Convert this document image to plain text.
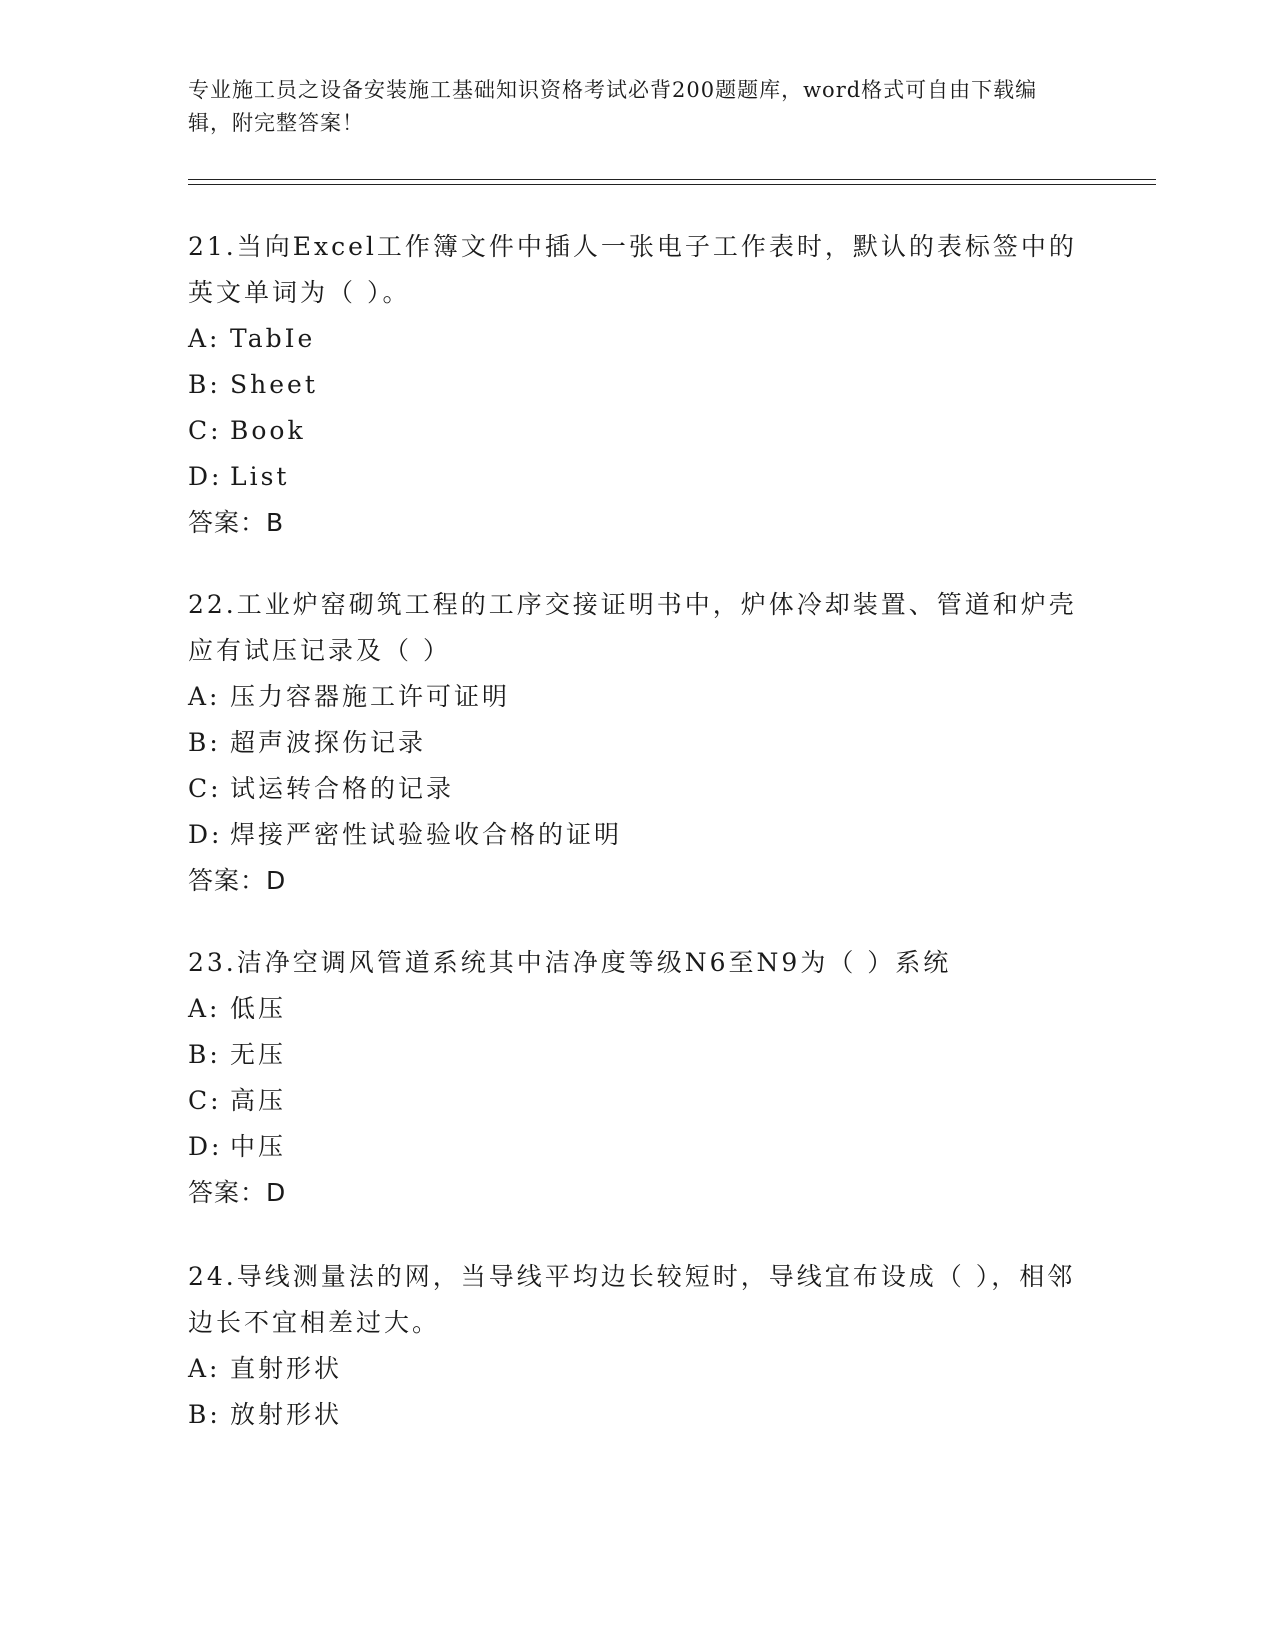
专业施工员之设备安装施工基础知识资格考试必背200题题库，word格式可自由下载编辑，附完整答案！

21.当向Excel工作簿文件中插人一张电子工作表时，默认的表标签中的英文单词为（ ）。

A: TabIe

B: Sheet

C: Book

D: List

答案：B

22.工业炉窑砌筑工程的工序交接证明书中，炉体冷却装置、管道和炉壳应有试压记录及（ ）

A: 压力容器施工许可证明

B: 超声波探伤记录

C: 试运转合格的记录

D: 焊接严密性试验验收合格的证明

答案：D

23.洁净空调风管道系统其中洁净度等级N6至N9为（ ）系统

A: 低压

B: 无压

C: 高压

D: 中压

答案：D

24.导线测量法的网，当导线平均边长较短时，导线宜布设成（ ），相邻边长不宜相差过大。

A: 直射形状

B: 放射形状
